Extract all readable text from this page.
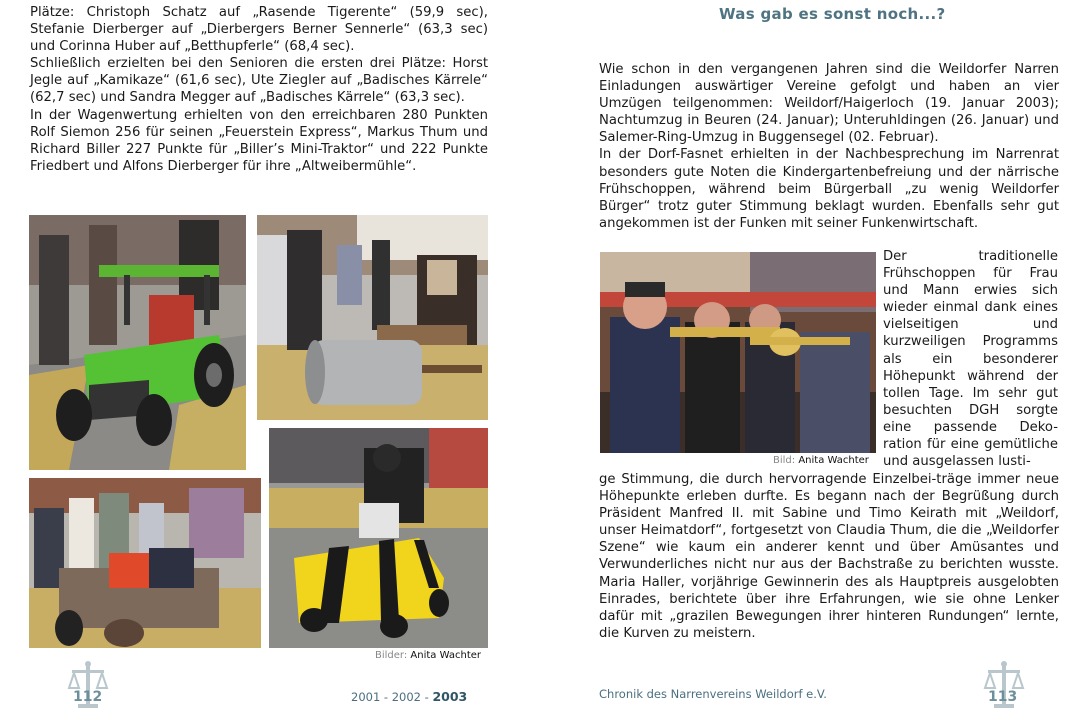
Plätze: Christoph Schatz auf „Rasende Tigerente“ (59,9 sec), Stefanie Dierberger auf „Dierbergers Berner Sennerle“ (63,3 sec) und Corinna Huber auf „Betthupferle“ (68,4 sec).

Schließlich erzielten bei den Senioren die ersten drei Plätze: Horst Jegle auf „Kamikaze“ (61,6 sec), Ute Ziegler auf „Badisches Kärrele“ (62,7 sec) und Sandra Megger auf „Badisches Kärrele“ (63,3 sec).

In der Wagenwertung erhielten von den erreichbaren 280 Punkten Rolf Siemon 256 für seinen „Feuerstein Express“, Markus Thum und Richard Biller 227 Punkte für „Biller’s Mini-Traktor“ und 222 Punkte Friedbert und Alfons Dierberger für ihre „Altweibermühle“.

Bilder: Anita Wachter
112	2001 - 2002 - 2003
Was gab es sonst noch...?

Wie schon in den vergangenen Jahren sind die Weildorfer Narren Einladungen auswärtiger Vereine gefolgt und haben an vier Umzügen teilgenommen: Weildorf/Haigerloch (19. Januar 2003); Nachtumzug in Beuren (24. Januar); Unteruhldingen (26. Januar) und Salemer-Ring-Umzug in Buggensegel (02. Februar).

In der Dorf-Fasnet erhielten in der Nachbesprechung im Narrenrat besonders gute Noten die Kindergartenbefreiung und der närrische Frühschoppen, während beim Bürgerball „zu wenig Weildorfer Bürger“ trotz guter Stimmung beklagt wurden. Ebenfalls sehr gut angekommen ist der Funken mit seiner Funkenwirtschaft.

Bild: Anita Wachter

Der traditionelle Frühschoppen für Frau und Mann erwies sich wieder einmal dank eines vielseitigen und kurzweiligen Programms als ein besonderer Höhepunkt während der tollen Tage. Im sehr gut besuchten DGH sorgte eine passende Deko-ration für eine gemütliche und ausgelassen lusti-

ge Stimmung, die durch hervorragende Einzelbei-träge immer neue Höhepunkte erleben durfte. Es begann nach der Begrüßung durch Präsident Manfred II. mit Sabine und Timo Keirath mit „Weildorf, unser Heimatdorf“, fortgesetzt von Claudia Thum, die die „Weildorfer Szene“ wie kaum ein anderer kennt und über Amüsantes und Verwunderliches nicht nur aus der Bachstraße zu berichten wusste. Maria Haller, vorjährige Gewinnerin des als Hauptpreis ausgelobten Einrades, berichtete über ihre Erfahrungen, wie sie ohne Lenker dafür mit „grazilen Bewegungen ihrer hinteren Rundungen“ lernte, die Kurven zu meistern.

Chronik des Narrenvereins Weildorf e.V.	113
